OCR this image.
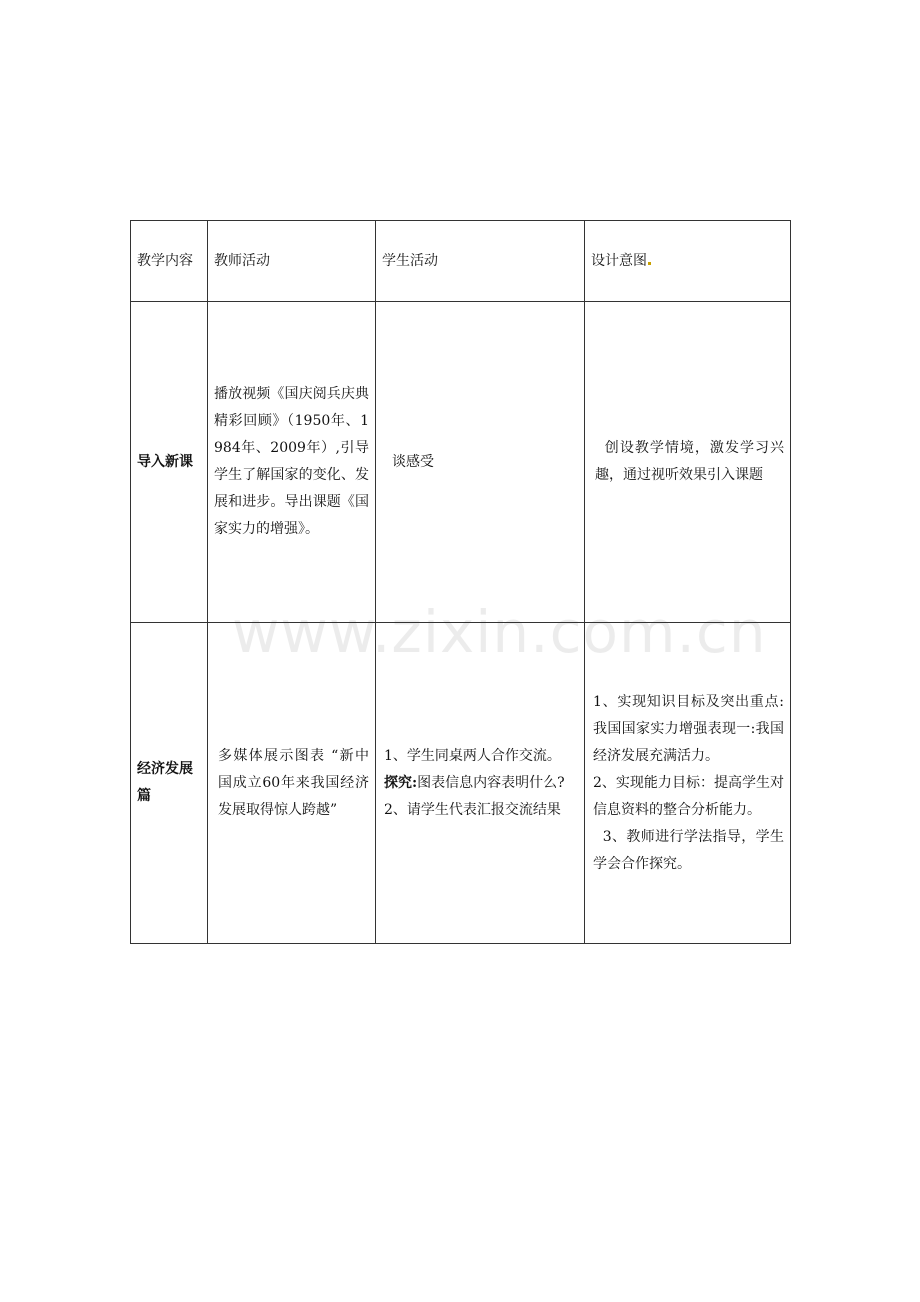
www.zixin.com.cn
教学内容	教师活动	学生活动	设计意图
导入新课	播放视频《国庆阅兵庆典精彩回顾》（1950年、1984年、2009年）,引导学生了解国家的变化、发展和进步。导出课题《国家实力的增强》。	谈感受	创设教学情境，激发学习兴趣，通过视听效果引入课题

经济发展篇	多媒体展示图表 “新中国成立60年来我国经济发展取得惊人跨越”	1、学生同桌两人合作交流。
探究:图表信息内容表明什么?
2、请学生代表汇报交流结果	1、实现知识目标及突出重点:我国国家实力增强表现一:我国经济发展充满活力。
2、实现能力目标：提高学生对信息资料的整合分析能力。
3、教师进行学法指导，学生学会合作探究。
